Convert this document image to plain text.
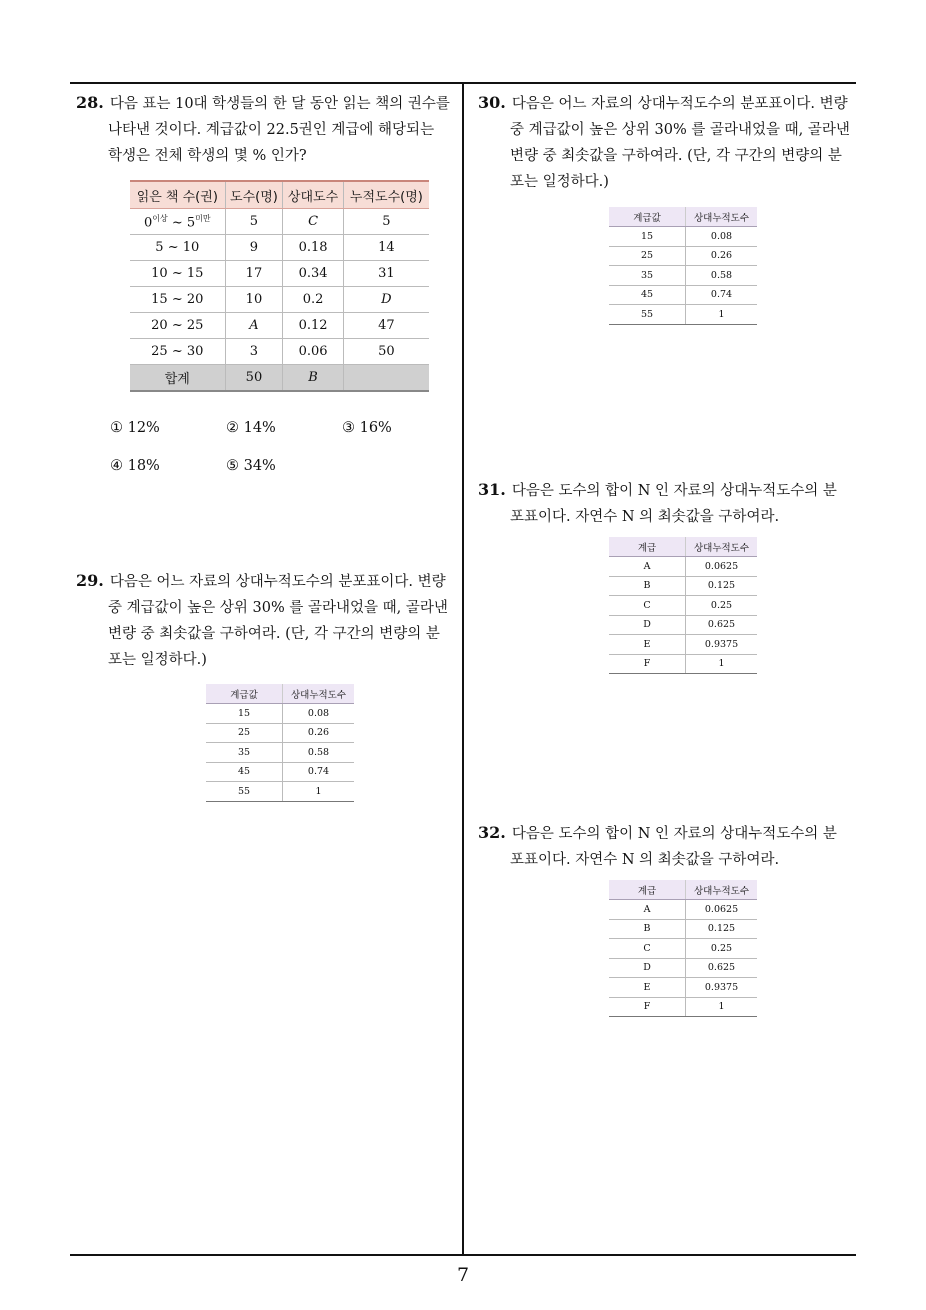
28. 다음 표는 10대 학생들의 한 달 동안 읽는 책의 권수를
나타낸 것이다. 계급값이 22.5권인 계급에 해당되는
학생은 전체 학생의 몇 % 인가?
읽은 책 수(권)	도수(명)	상대도수	누적도수(명)
$0^{이상}$ ~ $5^{미만}$	5	C	5
5 ~ 10	9	0.18	14
10 ~ 15	17	0.34	31
15 ~ 20	10	0.2	D
20 ~ 25	A	0.12	47
25 ~ 30	3	0.06	50
합계	50	B	
① 12%	② 14%	③ 16%
④ 18%	⑤ 34%
29. 다음은 어느 자료의 상대누적도수의 분포표이다. 변량
중 계급값이 높은 상위 30% 를 골라내었을 때, 골라낸
변량 중 최솟값을 구하여라. (단, 각 구간의 변량의 분
포는 일정하다.)
계급값	상대누적도수
15	0.08
25	0.26
35	0.58
45	0.74
55	1
30. 다음은 어느 자료의 상대누적도수의 분포표이다. 변량
중 계급값이 높은 상위 30% 를 골라내었을 때, 골라낸
변량 중 최솟값을 구하여라. (단, 각 구간의 변량의 분
포는 일정하다.)
계급값	상대누적도수
15	0.08
25	0.26
35	0.58
45	0.74
55	1
31. 다음은 도수의 합이 N 인 자료의 상대누적도수의 분
포표이다. 자연수 N 의 최솟값을 구하여라.
계급	상대누적도수
A	0.0625
B	0.125
C	0.25
D	0.625
E	0.9375
F	1
32. 다음은 도수의 합이 N 인 자료의 상대누적도수의 분
포표이다. 자연수 N 의 최솟값을 구하여라.
계급	상대누적도수
A	0.0625
B	0.125
C	0.25
D	0.625
E	0.9375
F	1
7
